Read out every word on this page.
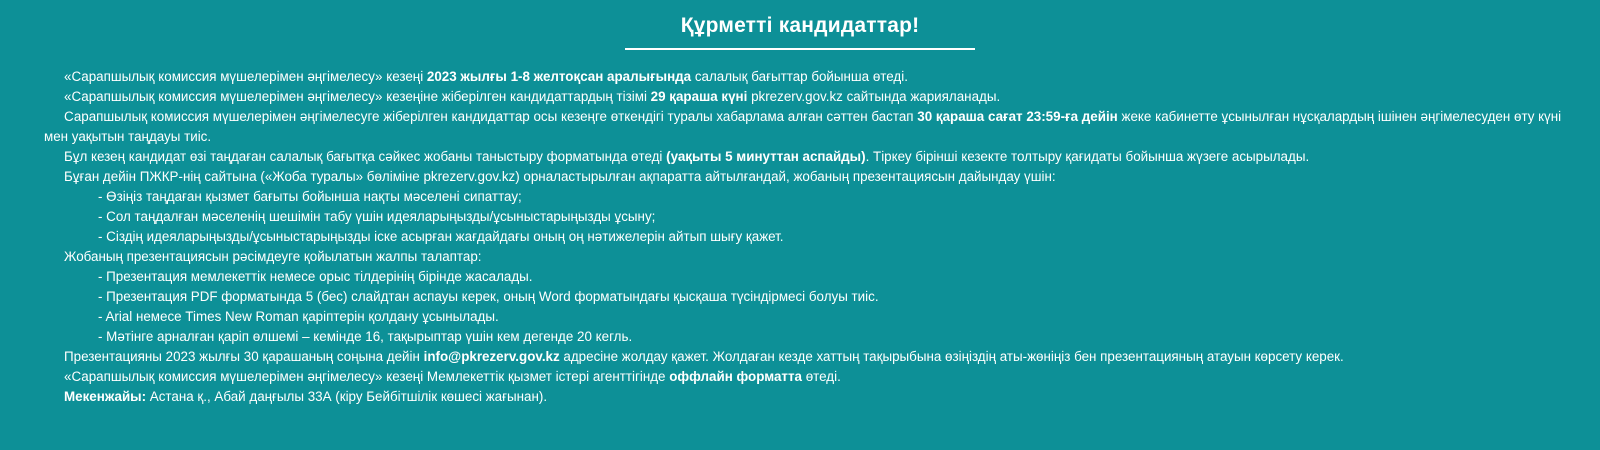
Құрметті кандидаттар!

«Сарапшылық комиссия мүшелерімен әңгімелесу» кезеңі 2023 жылғы 1-8 желтоқсан аралығында салалық бағыттар бойынша өтеді.

«Сарапшылық комиссия мүшелерімен әңгімелесу» кезеңіне жіберілген кандидаттардың тізімі 29 қараша күні pkrezerv.gov.kz сайтында жарияланады.

Сарапшылық комиссия мүшелерімен әңгімелесуге жіберілген кандидаттар осы кезеңге өткендігі туралы хабарлама алған сәттен бастап 30 қараша сағат 23:59-ға дейін жеке кабинетте ұсынылған нұсқалардың ішінен әңгімелесуден өту күні мен уақытын таңдауы тиіс.

Бұл кезең кандидат өзі таңдаған салалық бағытқа сәйкес жобаны таныстыру форматында өтеді (уақыты 5 минуттан аспайды). Тіркеу бірінші кезекте толтыру қағидаты бойынша жүзеге асырылады.

Бұған дейін ПЖКР-нің сайтына («Жоба туралы» бөліміне pkrezerv.gov.kz) орналастырылған ақпаратта айтылғандай, жобаның презентациясын дайындау үшін:

- Өзіңіз таңдаған қызмет бағыты бойынша нақты мәселені сипаттау;

- Сол таңдалған мәселенің шешімін табу үшін идеяларыңызды/ұсыныстарыңызды ұсыну;

- Сіздің идеяларыңызды/ұсыныстарыңызды іске асырған жағдайдағы оның оң нәтижелерін айтып шығу қажет.

Жобаның презентациясын рәсімдеуге қойылатын жалпы талаптар:

- Презентация мемлекеттік немесе орыс тілдерінің бірінде жасалады.

- Презентация PDF форматында 5 (бес) слайдтан аспауы керек, оның Word форматындағы қысқаша түсіндірмесі болуы тиіс.

- Arial немесе Times New Roman қаріптерін қолдану ұсынылады.

- Мәтінге арналған қаріп өлшемі – кемінде 16, тақырыптар үшін кем дегенде 20 кегль.

Презентацияны 2023 жылғы 30 қарашаның соңына дейін info@pkrezerv.gov.kz адресіне жолдау қажет. Жолдаған кезде хаттың тақырыбына өзіңіздің аты-жөніңіз бен презентацияның атауын көрсету керек.

«Сарапшылық комиссия мүшелерімен әңгімелесу» кезеңі Мемлекеттік қызмет істері агенттігінде оффлайн форматта өтеді.

Мекенжайы: Астана қ., Абай даңғылы 33А (кіру Бейбітшілік көшесі жағынан).
